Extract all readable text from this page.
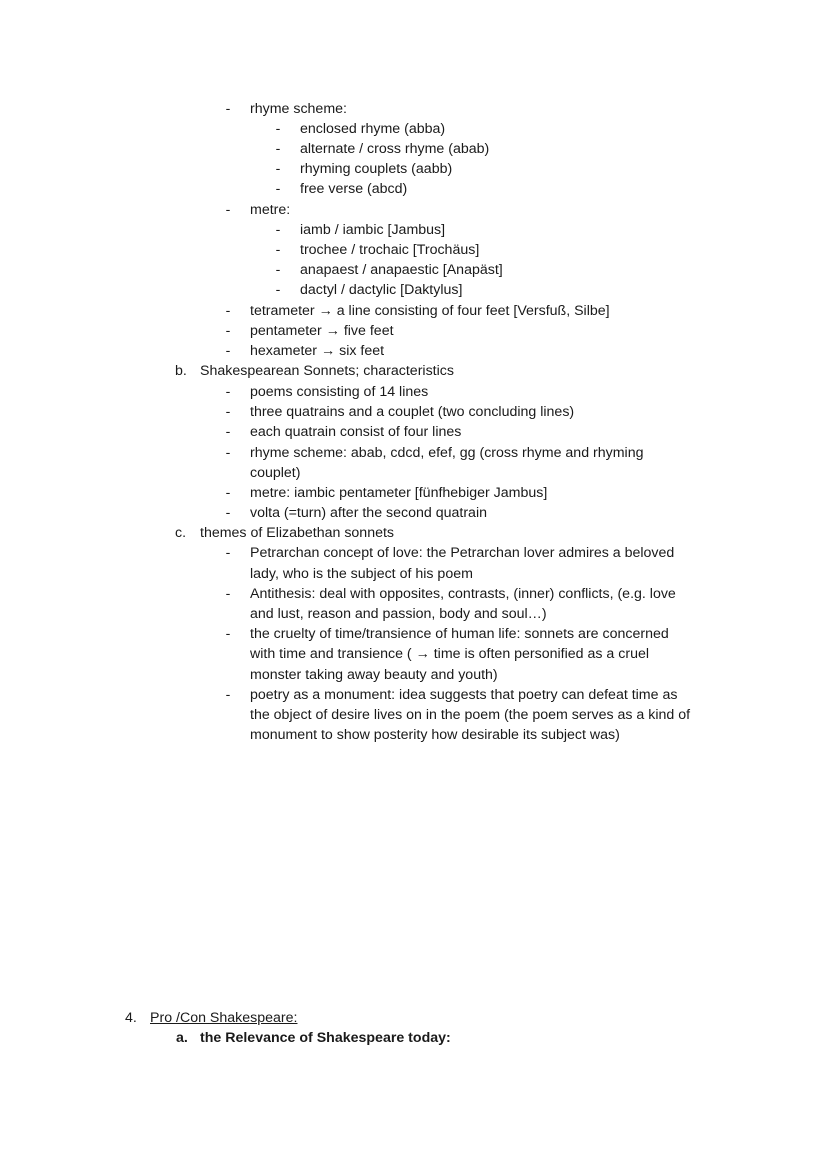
- rhyme scheme:
- enclosed rhyme (abba)
- alternate / cross rhyme (abab)
- rhyming couplets (aabb)
- free verse (abcd)
- metre:
- iamb / iambic [Jambus]
- trochee / trochaic [Trochäus]
- anapaest / anapaestic [Anapäst]
- dactyl / dactylic [Daktylus]
- tetrameter → a line consisting of four feet [Versfuß, Silbe]
- pentameter → five feet
- hexameter → six feet
b. Shakespearean Sonnets; characteristics
- poems consisting of 14 lines
- three quatrains and a couplet (two concluding lines)
- each quatrain consist of four lines
- rhyme scheme: abab, cdcd, efef, gg (cross rhyme and rhyming
couplet)
- metre: iambic pentameter [fünfhebiger Jambus]
- volta (=turn) after the second quatrain
c. themes of Elizabethan sonnets
- Petrarchan concept of love: the Petrarchan lover admires a beloved
lady, who is the subject of his poem
- Antithesis: deal with opposites, contrasts, (inner) conflicts, (e.g. love
and lust, reason and passion, body and soul…)
- the cruelty of time/transience of human life: sonnets are concerned
with time and transience ( → time is often personified as a cruel
monster taking away beauty and youth)
- poetry as a monument: idea suggests that poetry can defeat time as
the object of desire lives on in the poem (the poem serves as a kind of
monument to show posterity how desirable its subject was)
4. Pro /Con Shakespeare:
a. the Relevance of Shakespeare today:
